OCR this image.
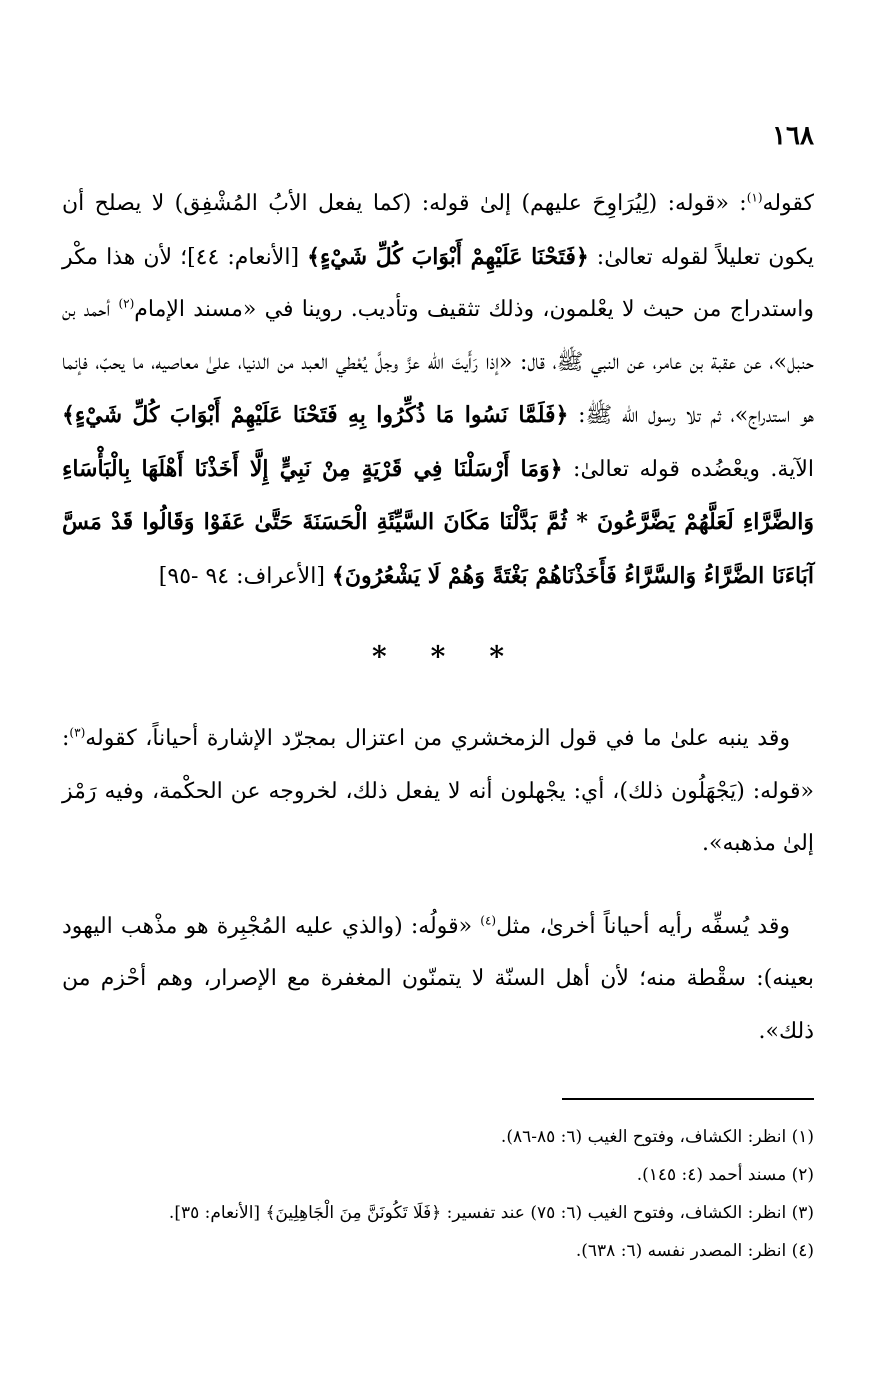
١٦٨

كقوله$^{(١)}$: «قوله: (لِيُرَاوِحَ عليهم) إلىٰ قوله: (كما يفعل الأبُ المُشْفِق) لا يصلح أن يكون تعليلاً لقوله تعالىٰ: ﴿فَتَحْنَا عَلَيْهِمْ أَبْوَابَ كُلِّ شَيْءٍ﴾ [الأنعام: ٤٤]؛ لأن هذا مكْر واستدراج من حيث لا يعْلمون، وذلك تثقيف وتأديب. روينا في «مسند الإمام$^{(٢)}$ أحمد بن حنبل»، عن عقبة بن عامر، عن النبي ﷺ، قال: «إذا رَأَيتَ الله عزَّ وجلَّ يُعْطي العبد من الدنيا، علىٰ معاصيه، ما يحبّ، فإنما هو استدراج»، ثم تلا رسول الله ﷺ: ﴿فَلَمَّا نَسُوا مَا ذُكِّرُوا بِهِ فَتَحْنَا عَلَيْهِمْ أَبْوَابَ كُلِّ شَيْءٍ﴾ الآية. ويعْضُده قوله تعالىٰ: ﴿وَمَا أَرْسَلْنَا فِي قَرْيَةٍ مِنْ نَبِيٍّ إِلَّا أَخَذْنَا أَهْلَهَا بِالْبَأْسَاءِ وَالضَّرَّاءِ لَعَلَّهُمْ يَضَّرَّعُونَ * ثُمَّ بَدَّلْنَا مَكَانَ السَّيِّئَةِ الْحَسَنَةَ حَتَّىٰ عَفَوْا وَقَالُوا قَدْ مَسَّ آبَاءَنَا الضَّرَّاءُ وَالسَّرَّاءُ فَأَخَذْنَاهُمْ بَغْتَةً وَهُمْ لَا يَشْعُرُونَ﴾ [الأعراف: ٩٤ -٩٥]

***

وقد ينبه علىٰ ما في قول الزمخشري من اعتزال بمجرّد الإشارة أحياناً، كقوله$^{(٣)}$: «قوله: (يَجْهَلُون ذلك)، أي: يجْهلون أنه لا يفعل ذلك، لخروجه عن الحكْمة، وفيه رَمْز إلىٰ مذهبه».

وقد يُسفِّه رأيه أحياناً أخرىٰ، مثل$^{(٤)}$ «قولُه: (والذي عليه المُجْبِرة هو مذْهب اليهود بعينه): سقْطة منه؛ لأن أهل السنّة لا يتمنّون المغفرة مع الإصرار، وهم أحْزم من ذلك».

(١) انظر: الكشاف، وفتوح الغيب (٦: ٨٥-٨٦).
(٢) مسند أحمد (٤: ١٤٥).
(٣) انظر: الكشاف، وفتوح الغيب (٦: ٧٥) عند تفسير: ﴿فَلَا تَكُونَنَّ مِنَ الْجَاهِلِينَ﴾ [الأنعام: ٣٥].
(٤) انظر: المصدر نفسه (٦: ٦٣٨).
